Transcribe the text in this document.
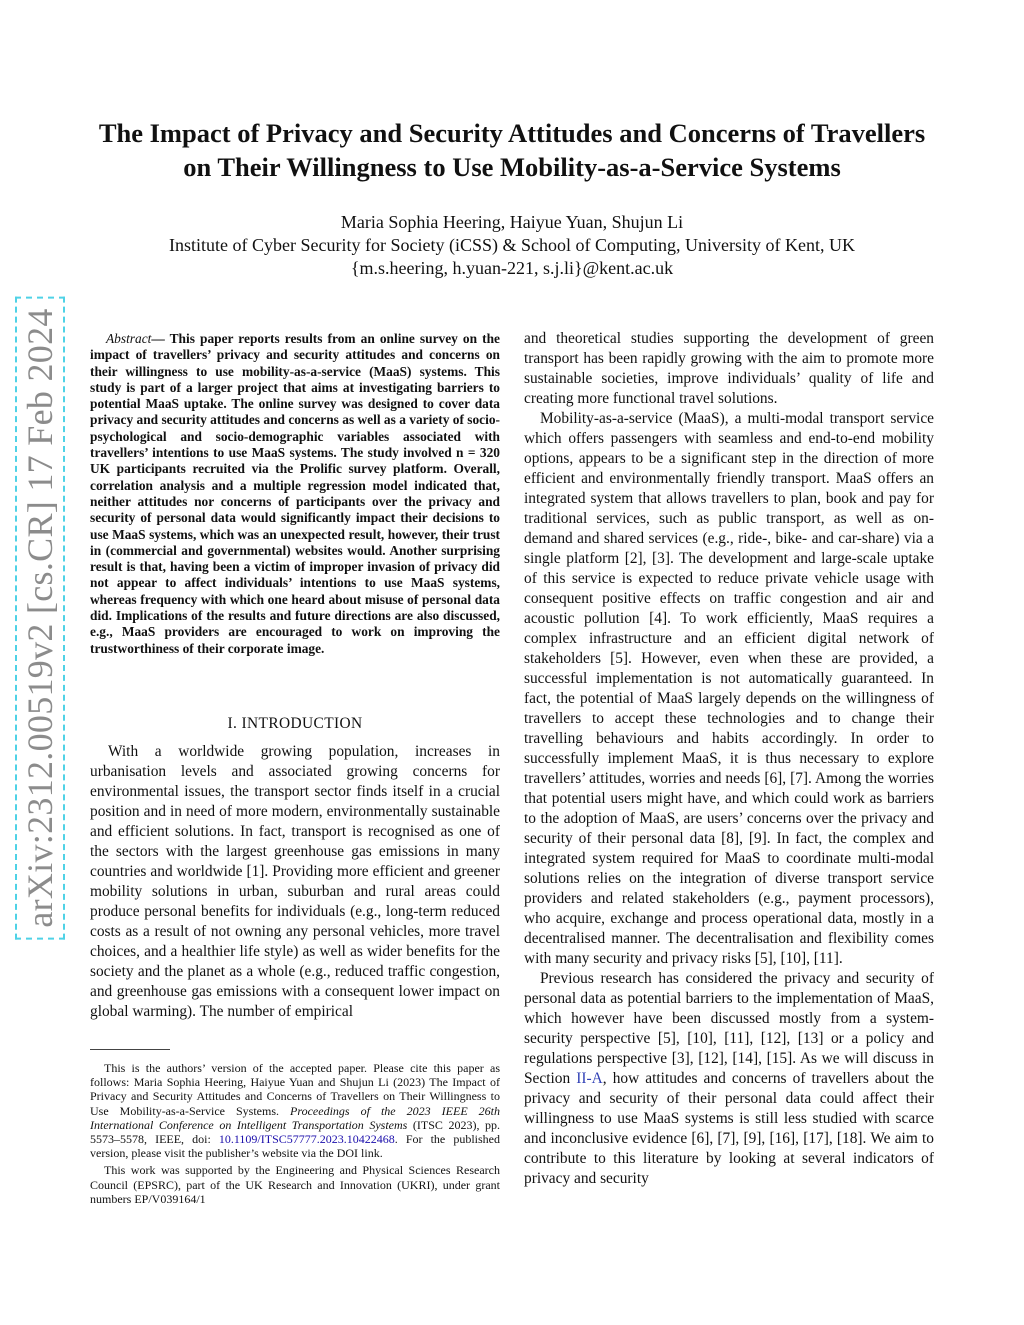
arXiv:2312.00519v2 [cs.CR] 17 Feb 2024
The Impact of Privacy and Security Attitudes and Concerns of Travellers on Their Willingness to Use Mobility-as-a-Service Systems
Maria Sophia Heering, Haiyue Yuan, Shujun Li
Institute of Cyber Security for Society (iCSS) & School of Computing, University of Kent, UK
{m.s.heering, h.yuan-221, s.j.li}@kent.ac.uk
Abstract— This paper reports results from an online survey on the impact of travellers’ privacy and security attitudes and concerns on their willingness to use mobility-as-a-service (MaaS) systems. This study is part of a larger project that aims at investigating barriers to potential MaaS uptake. The online survey was designed to cover data privacy and security attitudes and concerns as well as a variety of socio-psychological and socio-demographic variables associated with travellers’ intentions to use MaaS systems. The study involved n = 320 UK participants recruited via the Prolific survey platform. Overall, correlation analysis and a multiple regression model indicated that, neither attitudes nor concerns of participants over the privacy and security of personal data would significantly impact their decisions to use MaaS systems, which was an unexpected result, however, their trust in (commercial and governmental) websites would. Another surprising result is that, having been a victim of improper invasion of privacy did not appear to affect individuals’ intentions to use MaaS systems, whereas frequency with which one heard about misuse of personal data did. Implications of the results and future directions are also discussed, e.g., MaaS providers are encouraged to work on improving the trustworthiness of their corporate image.
I. INTRODUCTION
With a worldwide growing population, increases in urbanisation levels and associated growing concerns for environmental issues, the transport sector finds itself in a crucial position and in need of more modern, environmentally sustainable and efficient solutions. In fact, transport is recognised as one of the sectors with the largest greenhouse gas emissions in many countries and worldwide [1]. Providing more efficient and greener mobility solutions in urban, suburban and rural areas could produce personal benefits for individuals (e.g., long-term reduced costs as a result of not owning any personal vehicles, more travel choices, and a healthier life style) as well as wider benefits for the society and the planet as a whole (e.g., reduced traffic congestion, and greenhouse gas emissions with a consequent lower impact on global warming). The number of empirical

This is the authors’ version of the accepted paper. Please cite this paper as follows: Maria Sophia Heering, Haiyue Yuan and Shujun Li (2023) The Impact of Privacy and Security Attitudes and Concerns of Travellers on Their Willingness to Use Mobility-as-a-Service Systems. Proceedings of the 2023 IEEE 26th International Conference on Intelligent Transportation Systems (ITSC 2023), pp. 5573–5578, IEEE, doi: 10.1109/ITSC57777.2023.10422468. For the published version, please visit the publisher’s website via the DOI link.

This work was supported by the Engineering and Physical Sciences Research Council (EPSRC), part of the UK Research and Innovation (UKRI), under grant numbers EP/V039164/1

and theoretical studies supporting the development of green transport has been rapidly growing with the aim to promote more sustainable societies, improve individuals’ quality of life and creating more functional travel solutions.

Mobility-as-a-service (MaaS), a multi-modal transport service which offers passengers with seamless and end-to-end mobility options, appears to be a significant step in the direction of more efficient and environmentally friendly transport. MaaS offers an integrated system that allows travellers to plan, book and pay for traditional services, such as public transport, as well as on-demand and shared services (e.g., ride-, bike- and car-share) via a single platform [2], [3]. The development and large-scale uptake of this service is expected to reduce private vehicle usage with consequent positive effects on traffic congestion and air and acoustic pollution [4]. To work efficiently, MaaS requires a complex infrastructure and an efficient digital network of stakeholders [5]. However, even when these are provided, a successful implementation is not automatically guaranteed. In fact, the potential of MaaS largely depends on the willingness of travellers to accept these technologies and to change their travelling behaviours and habits accordingly. In order to successfully implement MaaS, it is thus necessary to explore travellers’ attitudes, worries and needs [6], [7]. Among the worries that potential users might have, and which could work as barriers to the adoption of MaaS, are users’ concerns over the privacy and security of their personal data [8], [9]. In fact, the complex and integrated system required for MaaS to coordinate multi-modal solutions relies on the integration of diverse transport service providers and related stakeholders (e.g., payment processors), who acquire, exchange and process operational data, mostly in a decentralised manner. The decentralisation and flexibility comes with many security and privacy risks [5], [10], [11].

Previous research has considered the privacy and security of personal data as potential barriers to the implementation of MaaS, which however have been discussed mostly from a system-security perspective [5], [10], [11], [12], [13] or a policy and regulations perspective [3], [12], [14], [15]. As we will discuss in Section II-A, how attitudes and concerns of travellers about the privacy and security of their personal data could affect their willingness to use MaaS systems is still less studied with scarce and inconclusive evidence [6], [7], [9], [16], [17], [18]. We aim to contribute to this literature by looking at several indicators of privacy and security
